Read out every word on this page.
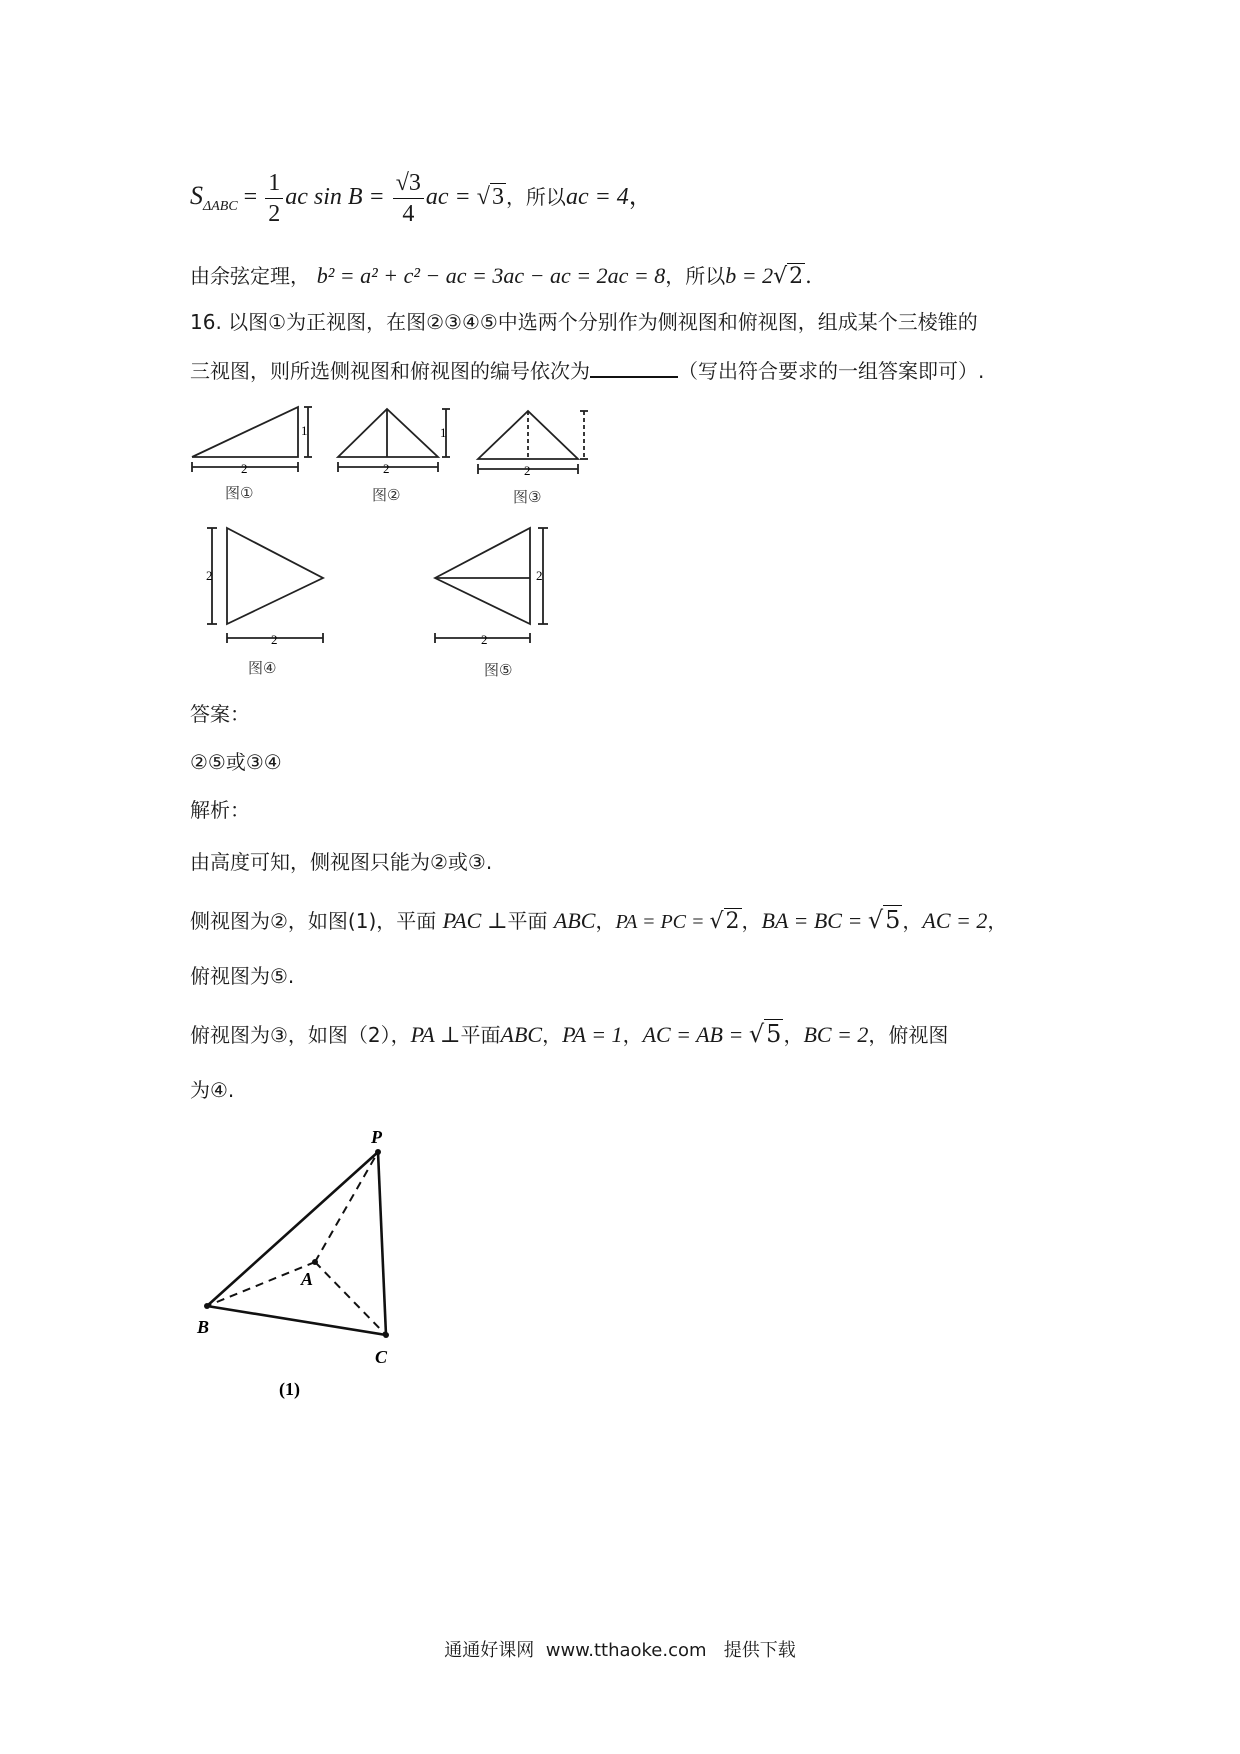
$S_{\Delta ABC} = \frac{1}{2}$ ac $\sin B = \frac{√3}{4}$ ac = √3 ，所以ac = 4，
由余弦定理， b² = a² + c² − ac = 3ac − ac = 2ac = 8，所以b = 2√2.
16. 以图①为正视图，在图②③④⑤中选两个分别作为侧视图和俯视图，组成某个三棱锥的
三视图，则所选侧视图和俯视图的编号依次为	（写出符合要求的一组答案即可）.
1
2
1
2	2
图①	图②	图③
2
2
2
2
图④	图⑤
答案：
②⑤或③④
解析：
由高度可知，侧视图只能为②或③.
侧视图为②，如图(1)，平面 PAC ⊥平面 ABC，PA = PC = √2 ，BA = BC = √5 ，AC = 2，
俯视图为⑤.
俯视图为③，如图（2），PA ⊥平面ABC，PA = 1，AC = AB = √5 ，BC = 2，俯视图
为④.
P
A
B
C
(1)
通通好课网 www.tthaoke.com 提供下载
